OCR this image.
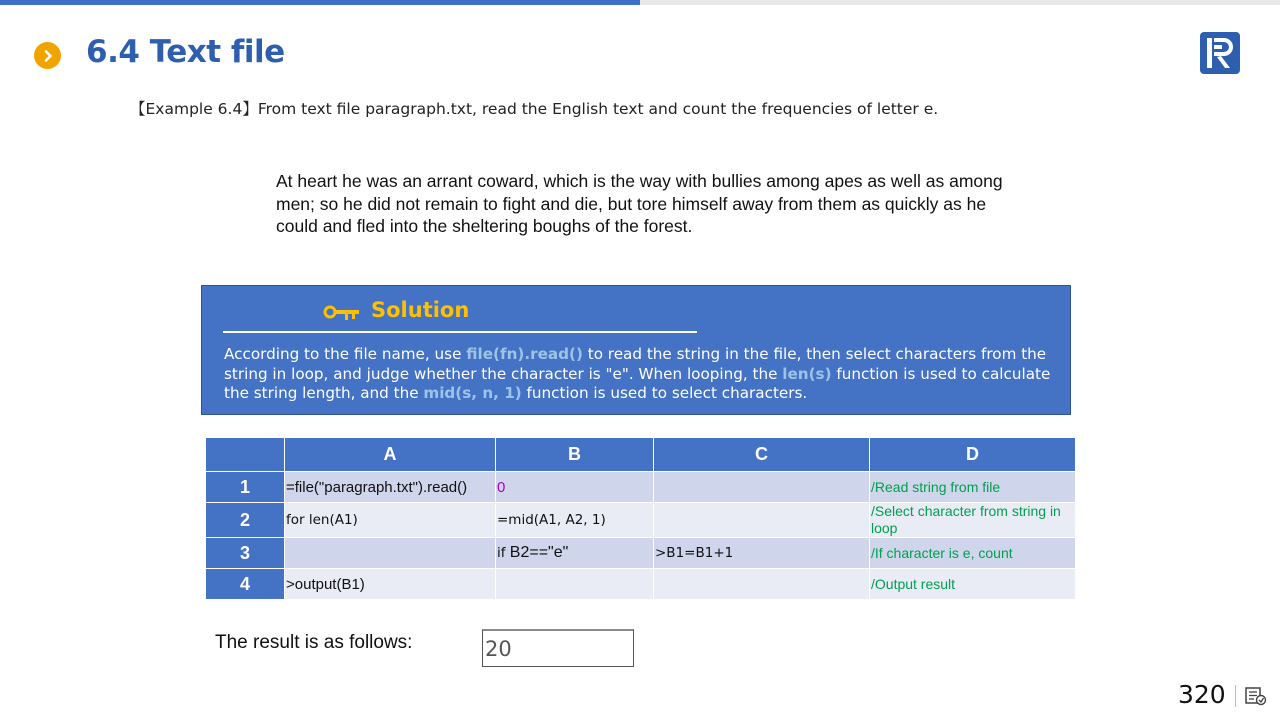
6.4 Text file
【Example 6.4】From text file paragraph.txt, read the English text and count the frequencies of letter e.
At heart he was an arrant coward, which is the way with bullies among apes as well as among men; so he did not remain to fight and die, but tore himself away from them as quickly as he could and fled into the sheltering boughs of the forest.
Solution
According to the file name, use file(fn).read() to read the string in the file, then select characters from the string in loop, and judge whether the character is "e". When looping, the len(s) function is used to calculate the string length, and the mid(s, n, 1) function is used to select characters.
	A	B	C	D
1	=file("paragraph.txt").read()	0		/Read string from file
2	for len(A1)	=mid(A1, A2, 1)		/Select character from string in loop
3		if B2=="e"	>B1=B1+1	/If character is e, count
4	>output(B1)			/Output result
The result is as follows:	20
320
